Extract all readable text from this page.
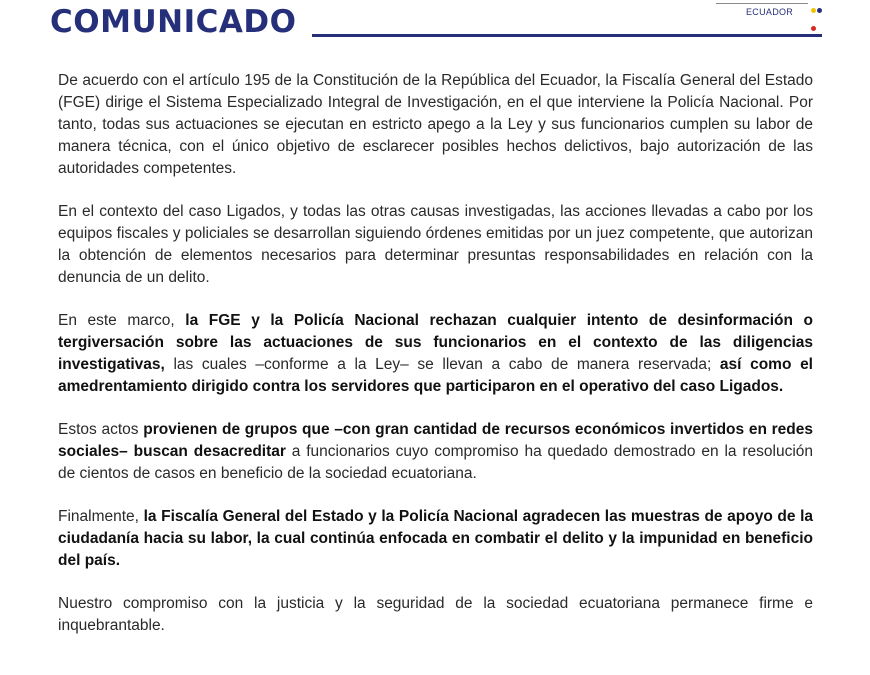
COMUNICADO	ECUADOR

De acuerdo con el artículo 195 de la Constitución de la República del Ecuador, la Fiscalía General del Estado (FGE) dirige el Sistema Especializado Integral de Investigación, en el que interviene la Policía Nacional. Por tanto, todas sus actuaciones se ejecutan en estricto apego a la Ley y sus funcionarios cumplen su labor de manera técnica, con el único objetivo de esclarecer posibles hechos delictivos, bajo autorización de las autoridades competentes.

En el contexto del caso Ligados, y todas las otras causas investigadas, las acciones llevadas a cabo por los equipos fiscales y policiales se desarrollan siguiendo órdenes emitidas por un juez competente, que autorizan la obtención de elementos necesarios para determinar presuntas responsabilidades en relación con la denuncia de un delito.

En este marco, la FGE y la Policía Nacional rechazan cualquier intento de desinformación o tergiversación sobre las actuaciones de sus funcionarios en el contexto de las diligencias investigativas, las cuales –conforme a la Ley– se llevan a cabo de manera reservada; así como el amedrentamiento dirigido contra los servidores que participaron en el operativo del caso Ligados.

Estos actos provienen de grupos que –con gran cantidad de recursos económicos invertidos en redes sociales– buscan desacreditar a funcionarios cuyo compromiso ha quedado demostrado en la resolución de cientos de casos en beneficio de la sociedad ecuatoriana.

Finalmente, la Fiscalía General del Estado y la Policía Nacional agradecen las muestras de apoyo de la ciudadanía hacia su labor, la cual continúa enfocada en combatir el delito y la impunidad en beneficio del país.

Nuestro compromiso con la justicia y la seguridad de la sociedad ecuatoriana permanece firme e inquebrantable.
